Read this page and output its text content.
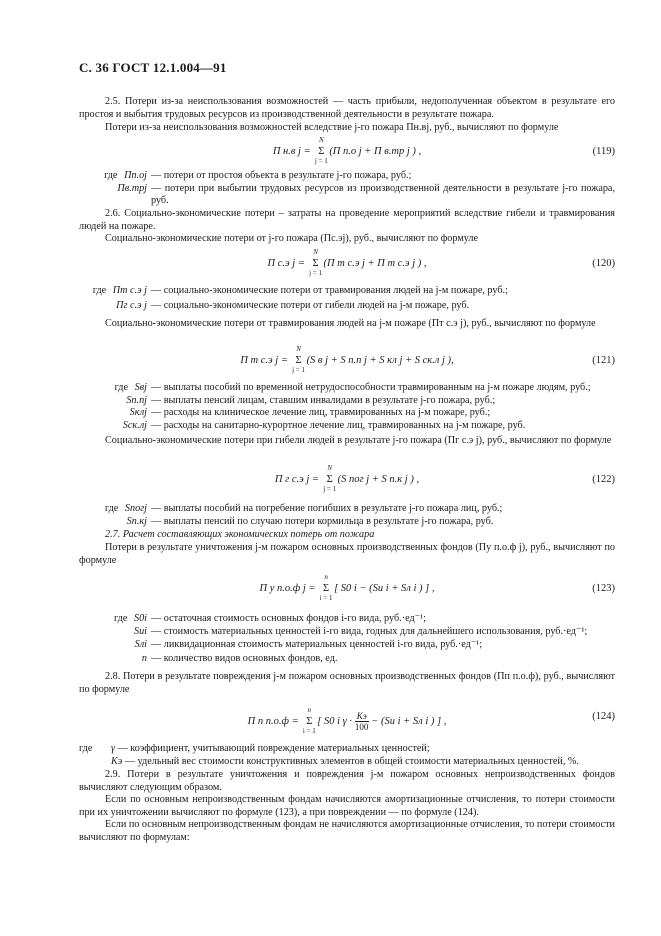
С. 36 ГОСТ 12.1.004—91
2.5. Потери из-за неиспользования возможностей — часть прибыли, недополученная объектом в результате его простоя и выбытия трудовых ресурсов из производственной деятельности в результате пожара.
Потери из-за неиспользования возможностей вследствие j-го пожара Пн.вj, руб., вычисляют по формуле
П н.в j = Σ
N
j = 1
(П п.о j + П в.тр j ) ,	(119)
где Пп.оj — потери от простоя объекта в результате j-го пожара, руб.;
Пв.трj — потери при выбытии трудовых ресурсов из производственной деятельности в результате j-го пожара, руб.
2.6. Социально-экономические потери – затраты на проведение мероприятий вследствие гибели и травмирования людей на пожаре.
Социально-экономические потери от j-го пожара (Пс.эj), руб., вычисляют по формуле
П с.э j = Σ
N
j = 1
(П т с.э j + П т с.э j ) ,	(120)
где Пт с.э j — социально-экономические потери от травмирования людей на j-м пожаре, руб.;
Пг с.э j — социально-экономические потери от гибели людей на j-м пожаре, руб.
Социально-экономические потери от травмирования людей на j-м пожаре (Пт с.э j), руб., вычисляют по формуле
П т с.э j = Σ
N
j = 1
(S в j + S п.п j + S кл j + S ск.л j ),	(121)
где Sвj — выплаты пособий по временной нетрудоспособности травмированным на j-м пожаре людям, руб.;
Sп.пj — выплаты пенсий лицам, ставшим инвалидами в результате j-го пожара, руб.;
Sклj — расходы на клиническое лечение лиц, травмированных на j-м пожаре, руб.;
Sск.лj — расходы на санитарно-курортное лечение лиц, травмированных на j-м пожаре, руб.
Социально-экономические потери при гибели людей в результате j-го пожара (Пг с.э j), руб., вычисляют по формуле
П г с.э j = Σ
N
j = 1
(S пог j + S п.к j ) ,	(122)
где Sпогj — выплаты пособий на погребение погибших в результате j-го пожара лиц, руб.;
Sп.кj — выплаты пенсий по случаю потери кормильца в результате j-го пожара, руб.
2.7. Расчет составляющих экономических потерь от пожара
Потери в результате уничтожения j-м пожаром основных производственных фондов (Пу п.о.ф j), руб., вычисляют по формуле
П у п.о.ф j = Σ
n
i = 1
[ S0 i − (Sи i + Sл i ) ] ,	(123)
где S0i — остаточная стоимость основных фондов i-го вида, руб.·ед⁻¹;
Sиi — стоимость материальных ценностей i-го вида, годных для дальнейшего использования, руб.·ед⁻¹;
Sлi — ликвидационная стоимость материальных ценностей i-го вида, руб.·ед⁻¹;
n — количество видов основных фондов, ед.
2.8. Потери в результате повреждения j-м пожаром основных производственных фондов (Пп п.о.ф), руб., вычисляют по формуле
П п п.о.ф = Σ
n
i = 1
[ S0 i $\gamma \cdot \frac{Kэ}{100} - (Sи$ i + Sл i ) ] ,	(124)
где	γ — коэффициент, учитывающий повреждение материальных ценностей;
Kэ — удельный вес стоимости конструктивных элементов в общей стоимости материальных ценностей, %.
2.9. Потери в результате уничтожения и повреждения j-м пожаром основных непроизводственных фондов вычисляют следующим образом.
Если по основным непроизводственным фондам начисляются амортизационные отчисления, то потери стоимости при их уничтожении вычисляют по формуле (123), а при повреждении — по формуле (124).
Если по основным непроизводственным фондам не начисляются амортизационные отчисления, то потери стоимости вычисляют по формулам:
